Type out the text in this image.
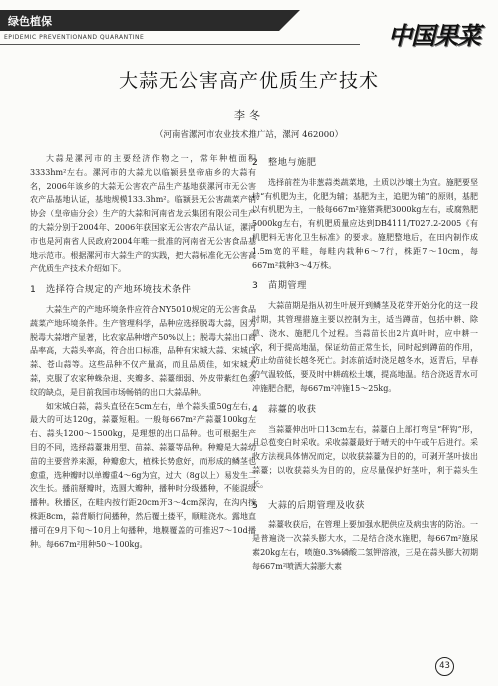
绿色植保
EPIDEMIC PREVENTIONAND QUARANTINE	中国果菜
大蒜无公害高产优质生产技术
李冬
（河南省漯河市农业技术推广站，漯河 462000）

大蒜是漯河市的主要经济作物之一，常年种植面积3333hm²左右。漯河市的大蒜尤以临颍县皇帝庙乡的大蒜有名，2006年该乡的大蒜无公害农产品生产基地获漯河市无公害农产品基地认证，基地规模133.3hm²。临颍县无公害蔬菜产销协会（皇帝庙分会）生产的大蒜和河南省龙云集团有限公司生产的大蒜分别于2004年、2006年获国家无公害农产品认证，漯河市也是河南省人民政府2004年唯一批准的河南省无公害食品基地示范市。根据漯河市大蒜生产的实践，把大蒜标准化无公害高产优质生产技术介绍如下。

1　选择符合规定的产地环境技术条件

大蒜生产的产地环境条件应符合NY5010规定的无公害食品蔬菜产地环境条件。生产管理科学，品种应选择脱毒大蒜，因为脱毒大蒜增产显著，比农家品种增产50%以上；脱毒大蒜出口商品率高，大蒜头率高，符合出口标准，品种有宋城大蒜、宋城白蒜、苍山蒜等。这些品种不仅产量高，而且品质佳，如宋城大蒜，克服了农家种蛛杂退、夹瓣多、蒜薹细弱、外皮带紫红色条纹的缺点，是目前我国市场畅销的出口大蒜品种。

如宋城白蒜，蒜头直径在5cm左右，单个蒜头重50g左右，最大的可达120g，蒜薹短粗。一般每667m²产蒜薹100kg左右、蒜头1200～1500kg，是理想的出口品种。也可根据生产目的不同，选择蒜薹兼用型、苗蒜、蒜薹等品种。种瓣是大蒜幼苗的主要营养来源，种瓣愈大，植株长势愈好，而形成的鳞茎也愈重，选种瓣时以单瓣重4～6g为宜，过大（8g以上）易发生二次生长。播前掰瓣时，选圆大瓣种，播种时分级播种，不能混级播种。秋播区，在畦内按行距20cm开3～4cm深沟，在沟内按株距8cm，蒜背顺行间播种，然后覆土搂平，顺畦浇水。露地直播可在9月下旬～10月上旬播种，地膜覆盖的可推迟7～10d播种。每667m²用种50～100kg。

2　整地与施肥

选择前茬为非葱蒜类蔬菜地，土质以沙壤土为宜。施肥要坚持“有机肥为主，化肥为辅；基肥为主，追肥为辅”的原则，基肥以有机肥为主，一般每667m²施猪粪肥3000kg左右，或腐熟肥5000kg左右，有机肥质量应达到DB4111/T027.2-2005《有机肥料无害化卫生标准》的要求。施肥整地后，在田内制作成1.5m宽的平畦，每畦内栽种6～7行，株距7～10cm，每667m²栽种3～4万株。

3　苗期管理

大蒜苗期是指从初生叶展开到鳞茎及花芽开始分化的这一段时期，其管理措施主要以控制为主，适当蹲苗，包括中耕、除草、浇水、施肥几个过程。当蒜苗长出2片真叶时，应中耕一次，利于提高地温，保证幼苗正常生长，同时起到蹲苗的作用，防止幼苗徒长越冬死亡。封冻前适时浇足越冬水，返青后，早春的气温较低，要及时中耕疏松土壤，提高地温。结合浇返青水可冲施肥合肥，每667m²冲施15～25kg。

4　蒜薹的收获

当蒜薹伸出叶口13cm左右，蒜薹白上部打弯呈“秤钩”形，且总苞变白时采收。采收蒜薹最好于晴天的中午或午后进行。采收方法视具体情况而定，以收获蒜薹为目的的，可剥开茎叶拔出蒜薹；以收获蒜头为目的的，应尽量保护好茎叶，利于蒜头生长。

5　大蒜的后期管理及收获

蒜薹收获后，在管理上要加强水肥供应及病虫害的防治。一是普遍浇一次蒜头膨大水，二是结合浇水施肥，每667m²施尿素20kg左右，喷施0.3%磷酸二氢钾溶液，三是在蒜头膨大初期每667m²喷洒大蒜膨大素

43
